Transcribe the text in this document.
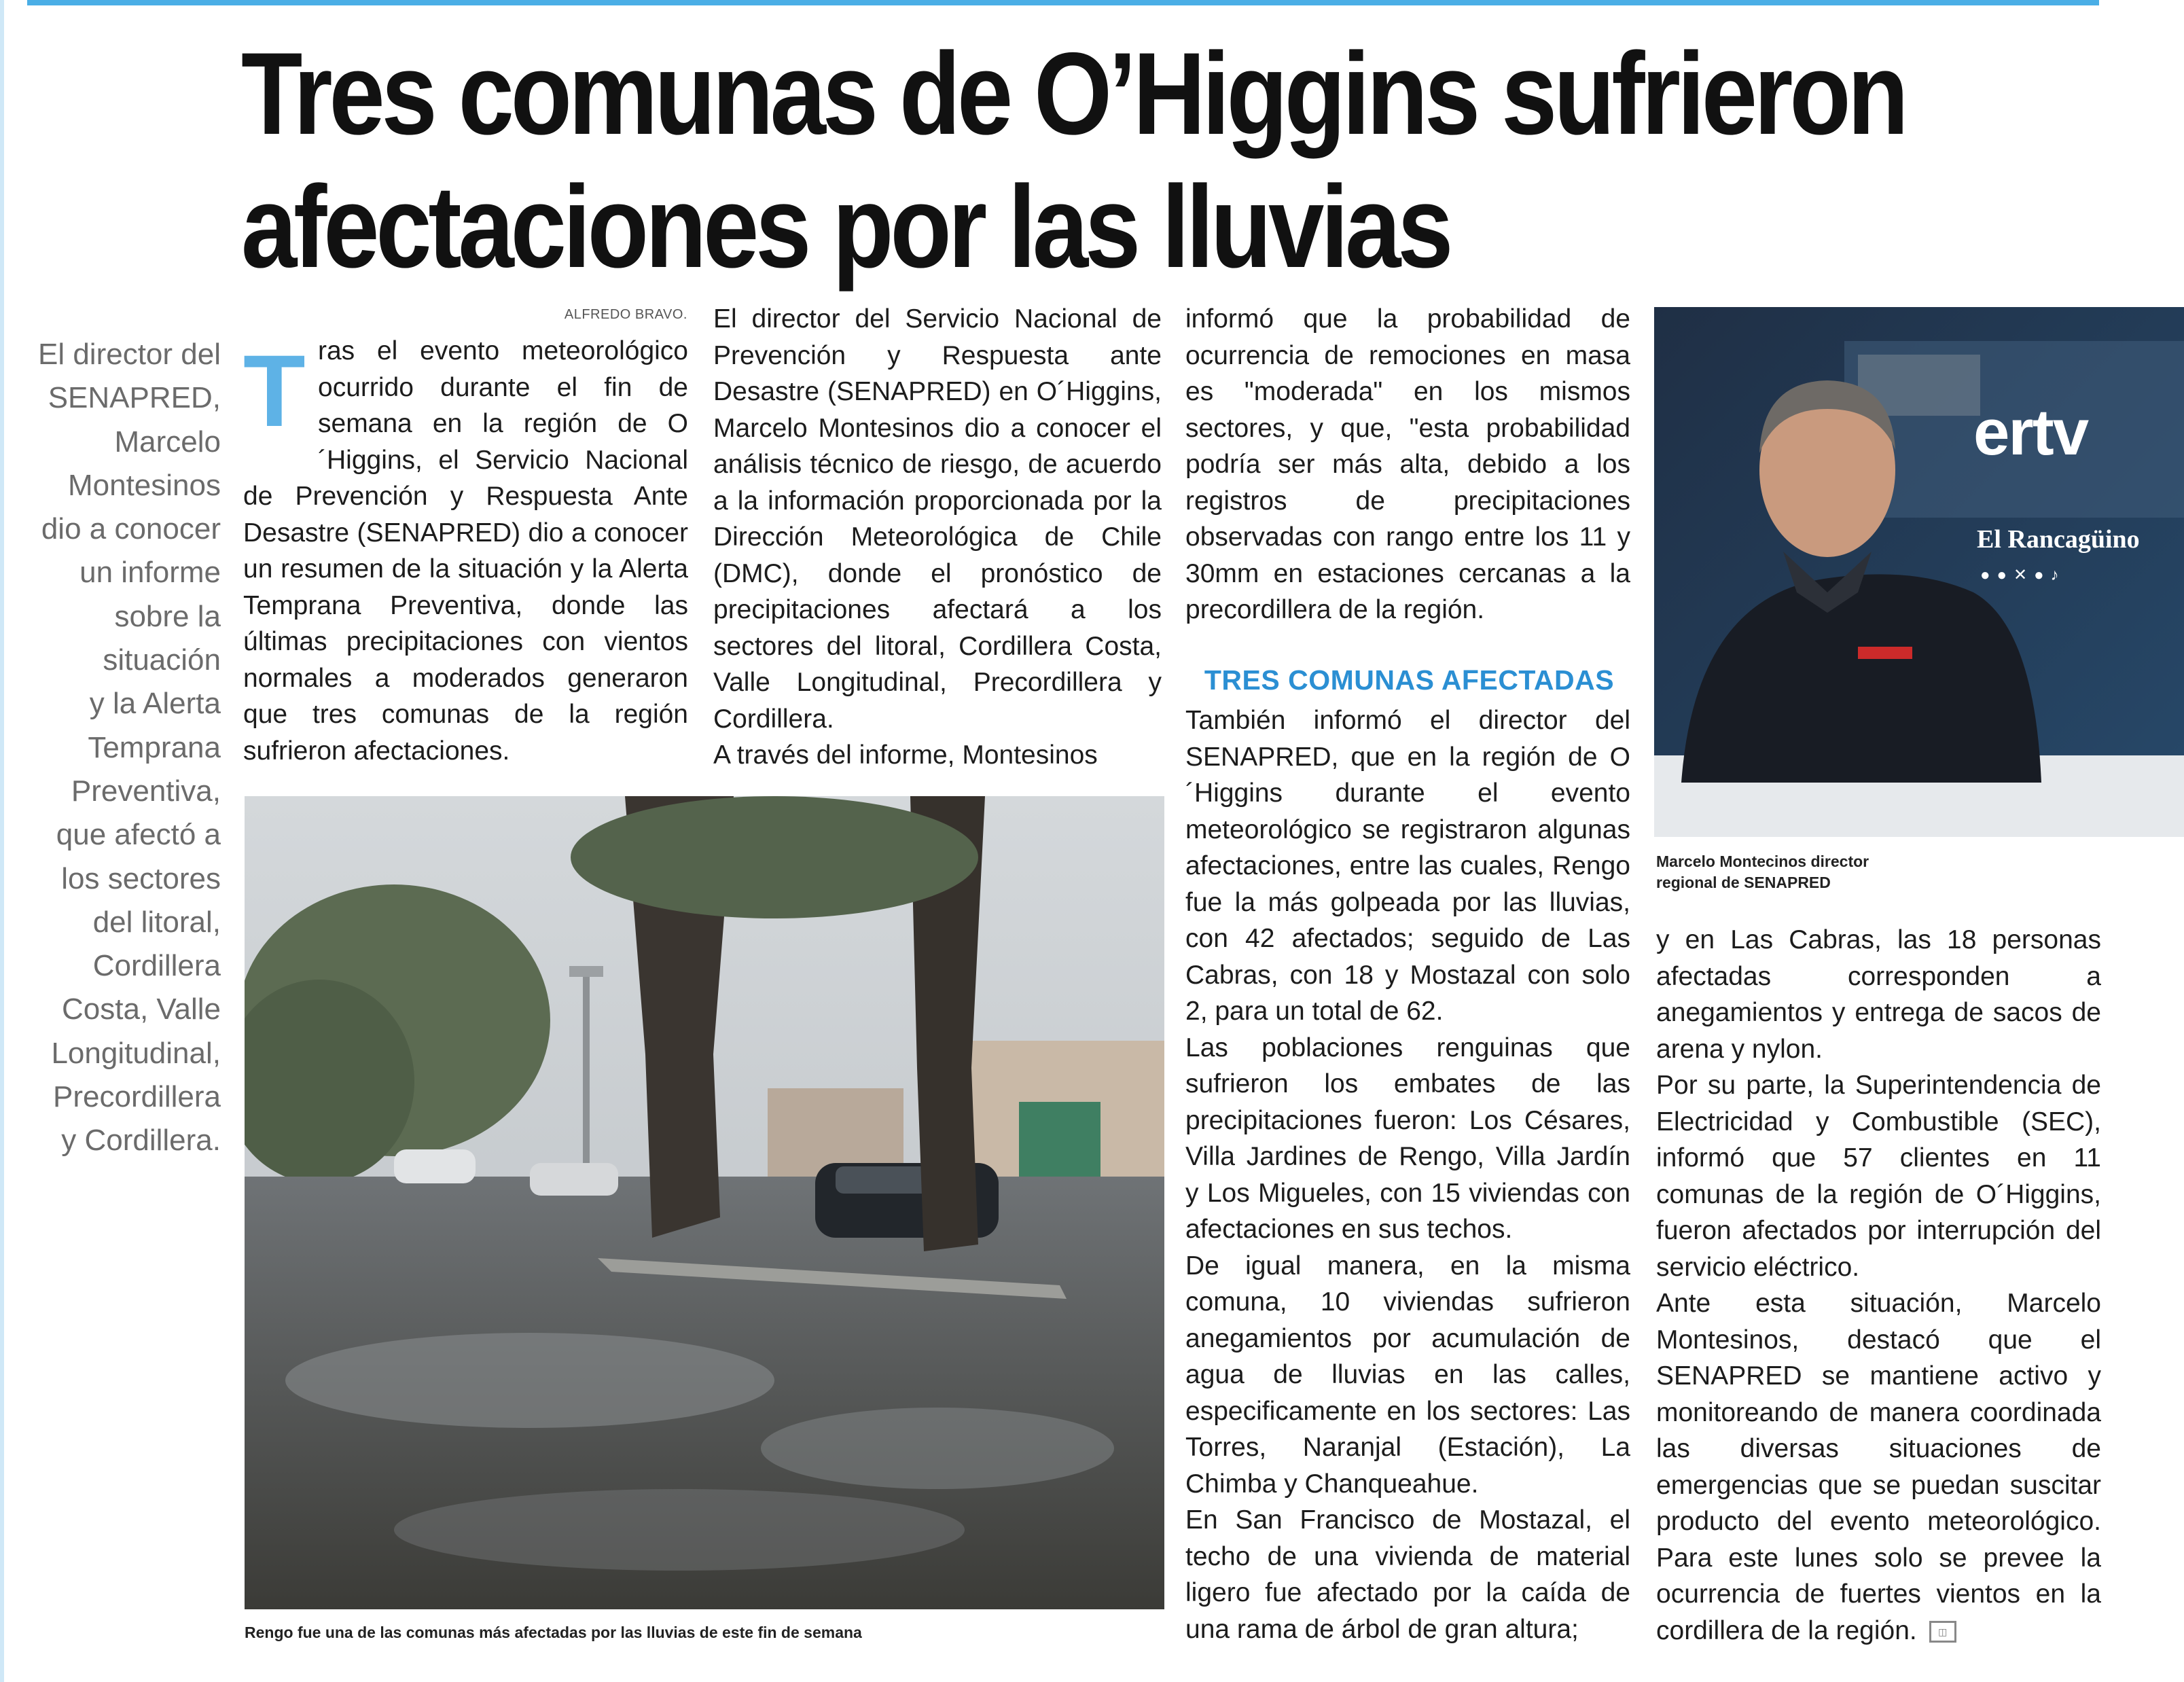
Tres comunas de O’Higgins sufrieron
afectaciones por las lluvias
El director del
SENAPRED,
Marcelo
Montesinos
dio a conocer
un informe
sobre la
situación
y la Alerta
Temprana
Preventiva,
que afectó a
los sectores
del litoral,
Cordillera
Costa, Valle
Longitudinal,
Precordillera
y Cordillera.
ALFREDO BRAVO.
T ras el evento meteorológico ocurrido durante el fin de semana en la región de O´Higgins, el Servicio Nacional de Prevención y Respuesta Ante Desastre (SENAPRED) dio a conocer un resumen de la situación y la Alerta Temprana Preventiva, donde las últimas precipitaciones con vientos normales a moderados generaron que tres comunas de la región sufrieron afectaciones.

El director del Servicio Nacional de Prevención y Respuesta ante Desastre (SENAPRED) en O´Higgins, Marcelo Montesinos dio a conocer el análisis técnico de riesgo, de acuerdo a la información proporcionada por la Dirección Meteorológica de Chile (DMC), donde el pronóstico de precipitaciones afectará a los sectores del litoral, Cordillera Costa, Valle Longitudinal, Precordillera y Cordillera.

A través del informe, Montesinos

informó que la probabilidad de ocurrencia de remociones en masa es "moderada" en los mismos sectores, y que, "esta probabilidad podría ser más alta, debido a los registros de precipitaciones observadas con rango entre los 11 y 30mm en estaciones cercanas a la precordillera de la región.

TRES COMUNAS AFECTADAS

También informó el director del SENAPRED, que en la región de O´Higgins durante el evento meteorológico se registraron algunas afectaciones, entre las cuales, Rengo fue la más golpeada por las lluvias, con 42 afectados; seguido de Las Cabras, con 18 y Mostazal con solo 2, para un total de 62.

Las poblaciones renguinas que sufrieron los embates de las precipitaciones fueron: Los Césares, Villa Jardines de Rengo, Villa Jardín y Los Migueles, con 15 viviendas con afectaciones en sus techos.

De igual manera, en la misma comuna, 10 viviendas sufrieron anegamientos por acumulación de agua de lluvias en las calles, especificamente en los sectores: Las Torres, Naranjal (Estación), La Chimba y Chanqueahue.

En San Francisco de Mostazal, el techo de una vivienda de material ligero fue afectado por la caída de una rama de árbol de gran altura;

y en Las Cabras, las 18 personas afectadas corresponden a anegamientos y entrega de sacos de arena y nylon.

Por su parte, la Superintendencia de Electricidad y Combustible (SEC), informó que 57 clientes en 11 comunas de la región de O´Higgins, fueron afectados por interrupción del servicio eléctrico.

Ante esta situación, Marcelo Montesinos, destacó que el SENAPRED se mantiene activo y monitoreando de manera coordinada las diversas situaciones de emergencias que se puedan suscitar producto del evento meteorológico. Para este lunes solo se prevee la ocurrencia de fuertes vientos en la cordillera de la región. ◫

Rengo fue una de las comunas más afectadas por las lluvias de este fin de semana
ertv
El Rancagüino
●●✕●♪
Marcelo Montecinos director
regional de SENAPRED
